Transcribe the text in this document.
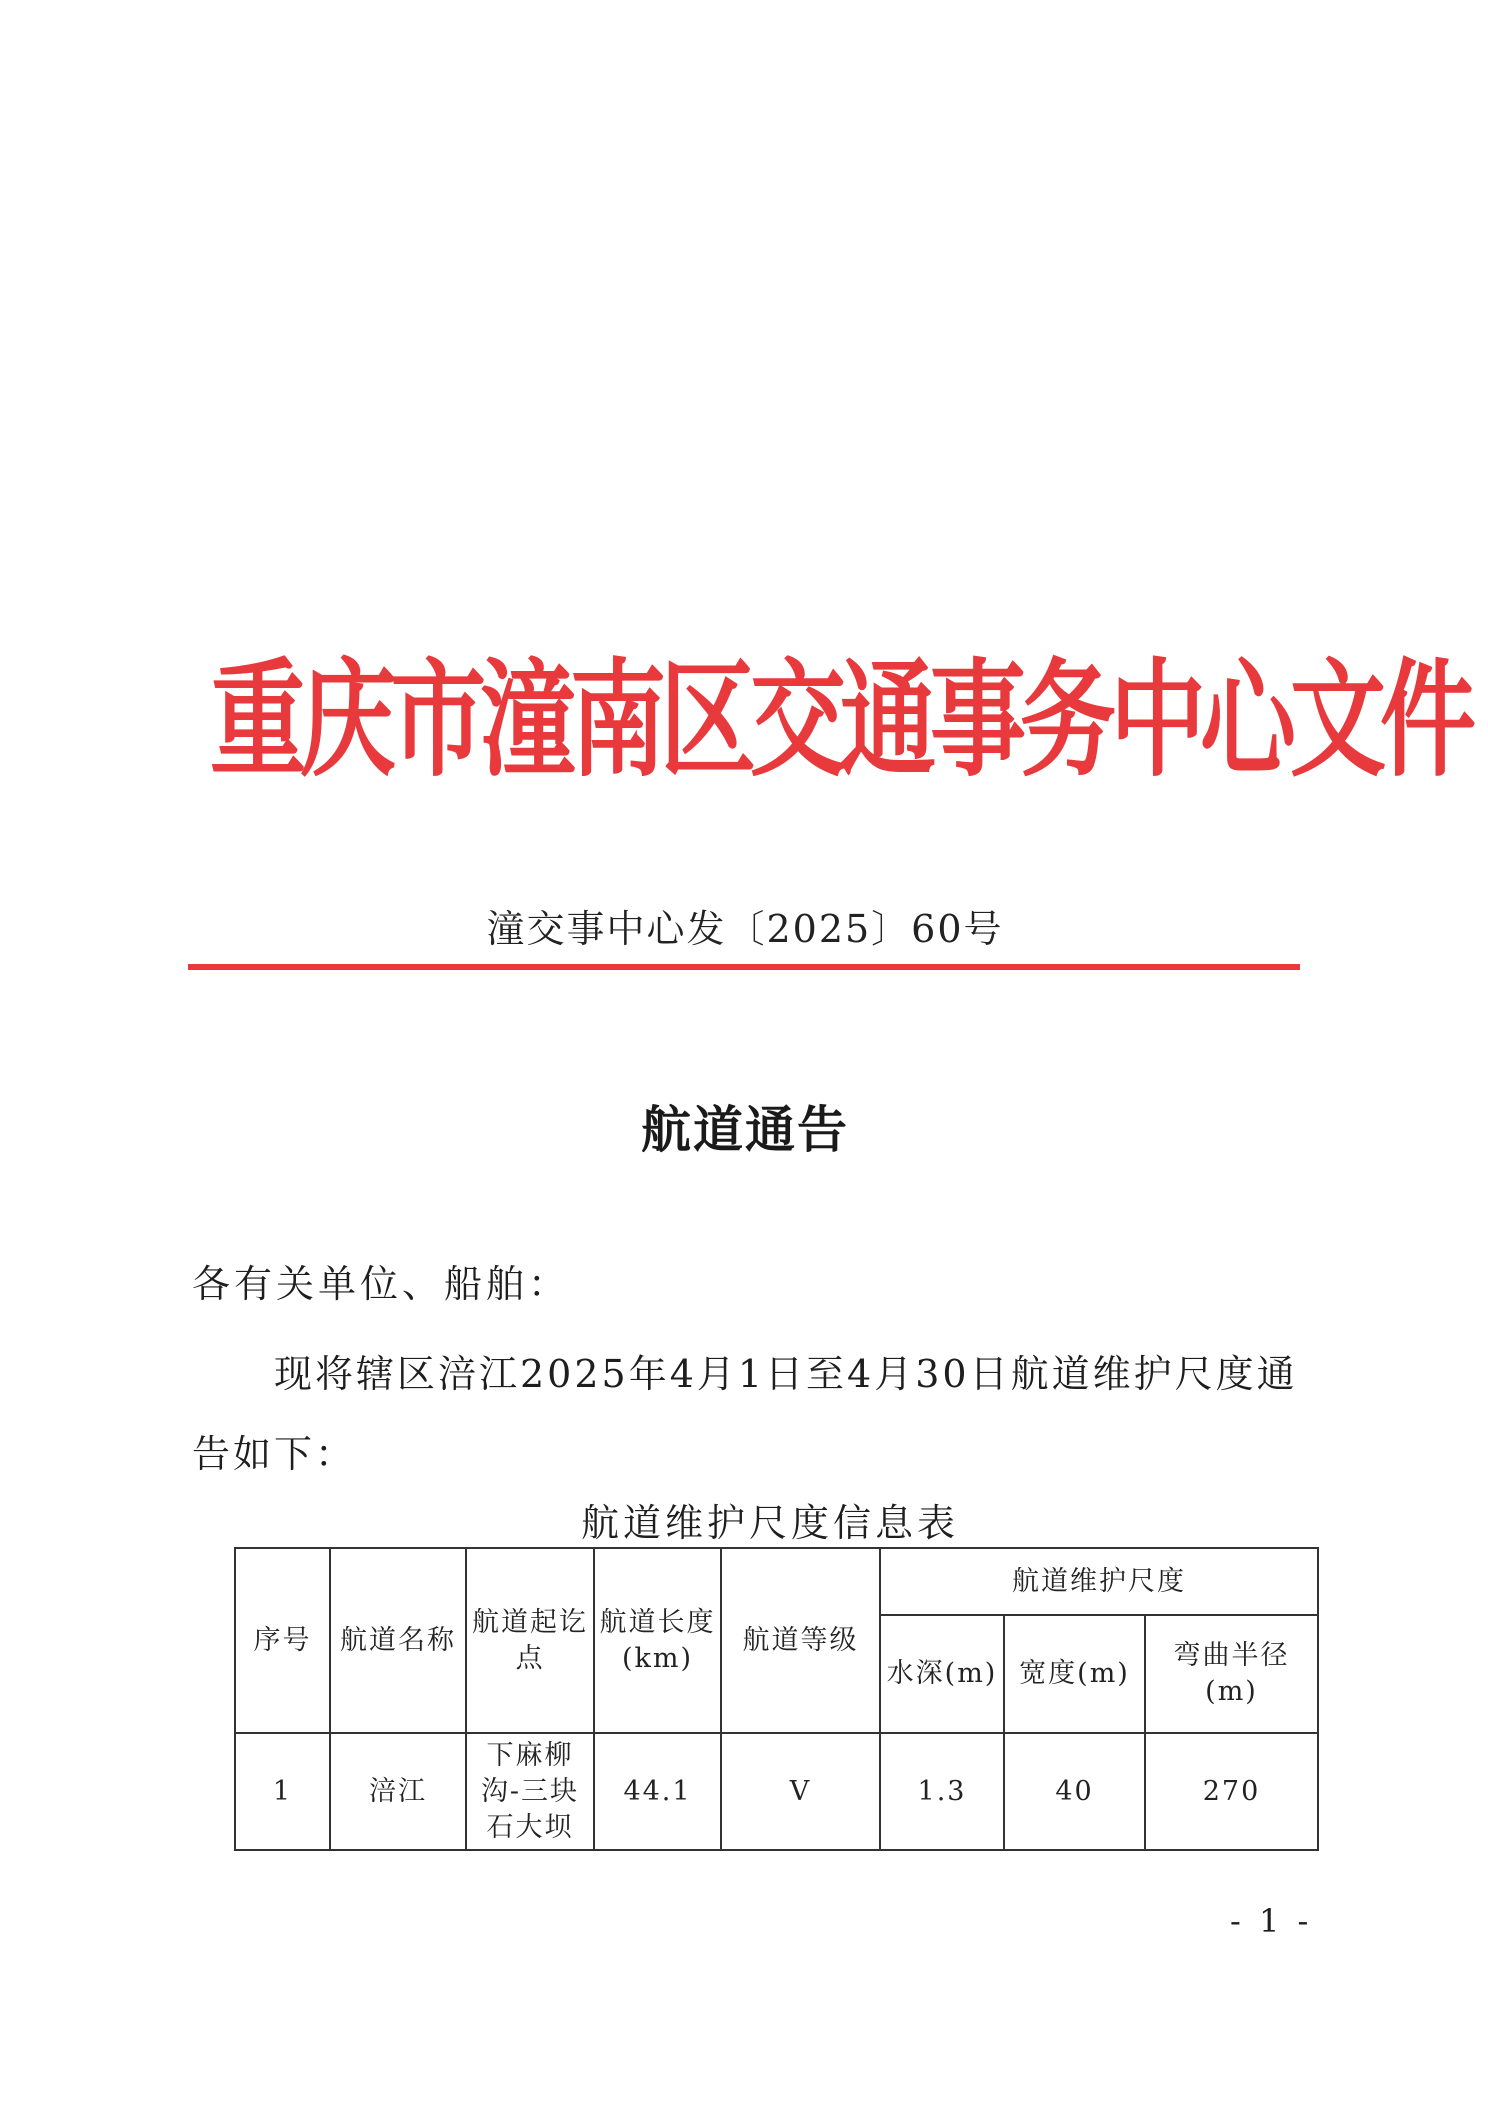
重庆市潼南区交通事务中心文件
潼交事中心发〔2025〕60号
航道通告
各有关单位、船舶：
现将辖区涪江2025年4月1日至4月30日航道维护尺度通告如下：
航道维护尺度信息表
序号	航道名称	航道起讫点	航道长度(km)	航道等级	航道维护尺度		
					水深(m)	宽度(m)	弯曲半径(m)
1	涪江	下麻柳沟-三块石大坝	44.1	V	1.3	40	270
- 1 -
